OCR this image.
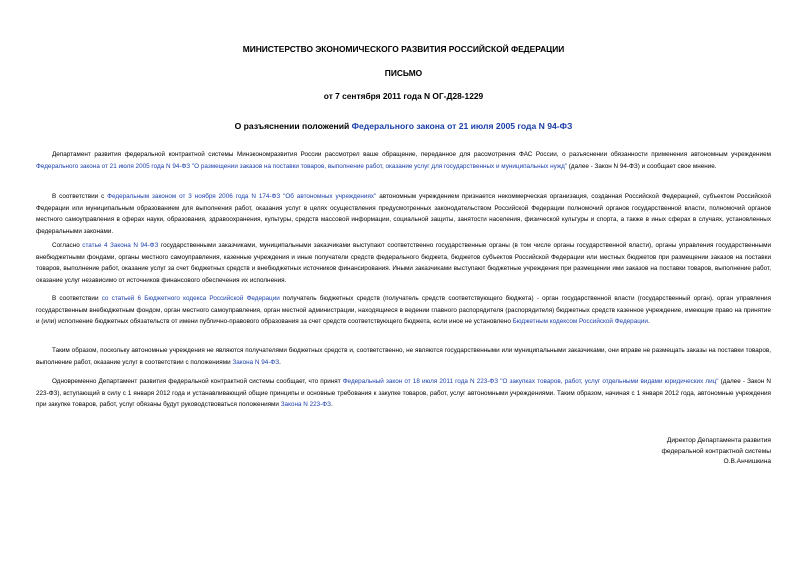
МИНИСТЕРСТВО ЭКОНОМИЧЕСКОГО РАЗВИТИЯ РОССИЙСКОЙ ФЕДЕРАЦИИ
ПИСЬМО
от 7 сентября 2011 года N ОГ-Д28-1229
О разъяснении положений Федерального закона от 21 июля 2005 года N 94-ФЗ

Департамент развития федеральной контрактной системы Минэкономразвития России рассмотрел ваше обращение, переданное для рассмотрения ФАС России, о разъяснении обязанности применения автономным учреждением Федерального закона от 21 июля 2005 года N 94-ФЗ "О размещении заказов на поставки товаров, выполнение работ, оказание услуг для государственных и муниципальных нужд" (далее - Закон N 94-ФЗ) и сообщает свое мнение.

В соответствии с Федеральным законом от 3 ноября 2006 года N 174-ФЗ "Об автономных учреждениях" автономным учреждением признается некоммерческая организация, созданная Российской Федерацией, субъектом Российской Федерации или муниципальным образованием для выполнения работ, оказания услуг в целях осуществления предусмотренных законодательством Российской Федерации полномочий органов государственной власти, полномочий органов местного самоуправления в сферах науки, образования, здравоохранения, культуры, средств массовой информации, социальной защиты, занятости населения, физической культуры и спорта, а также в иных сферах в случаях, установленных федеральными законами.

Согласно статье 4 Закона N 94-ФЗ государственными заказчиками, муниципальными заказчиками выступают соответственно государственные органы (в том числе органы государственной власти), органы управления государственными внебюджетными фондами, органы местного самоуправления, казенные учреждения и иные получатели средств федерального бюджета, бюджетов субъектов Российской Федерации или местных бюджетов при размещении заказов на поставки товаров, выполнение работ, оказание услуг за счет бюджетных средств и внебюджетных источников финансирования. Иными заказчиками выступают бюджетные учреждения при размещении ими заказов на поставки товаров, выполнение работ, оказание услуг независимо от источников финансового обеспечения их исполнения.

В соответствии со статьей 6 Бюджетного кодекса Российской Федерации получатель бюджетных средств (получатель средств соответствующего бюджета) - орган государственной власти (государственный орган), орган управления государственным внебюджетным фондом, орган местного самоуправления, орган местной администрации, находящиеся в ведении главного распорядителя (распорядителя) бюджетных средств казенное учреждение, имеющие право на принятие и (или) исполнение бюджетных обязательств от имени публично-правового образования за счет средств соответствующего бюджета, если иное не установлено Бюджетным кодексом Российской Федерации.

Таким образом, поскольку автономные учреждения не являются получателями бюджетных средств и, соответственно, не являются государственными или муниципальными заказчиками, они вправе не размещать заказы на поставки товаров, выполнение работ, оказание услуг в соответствии с положениями Закона N 94-ФЗ.

Одновременно Департамент развития федеральной контрактной системы сообщает, что принят Федеральный закон от 18 июля 2011 года N 223-ФЗ "О закупках товаров, работ, услуг отдельными видами юридических лиц" (далее - Закон N 223-ФЗ), вступающий в силу с 1 января 2012 года и устанавливающий общие принципы и основные требования к закупке товаров, работ, услуг автономными учреждениями. Таким образом, начиная с 1 января 2012 года, автономные учреждения при закупке товаров, работ, услуг обязаны будут руководствоваться положениями Закона N 223-ФЗ.

Директор Департамента развития
федеральной контрактной системы
О.В.Анчишкина
